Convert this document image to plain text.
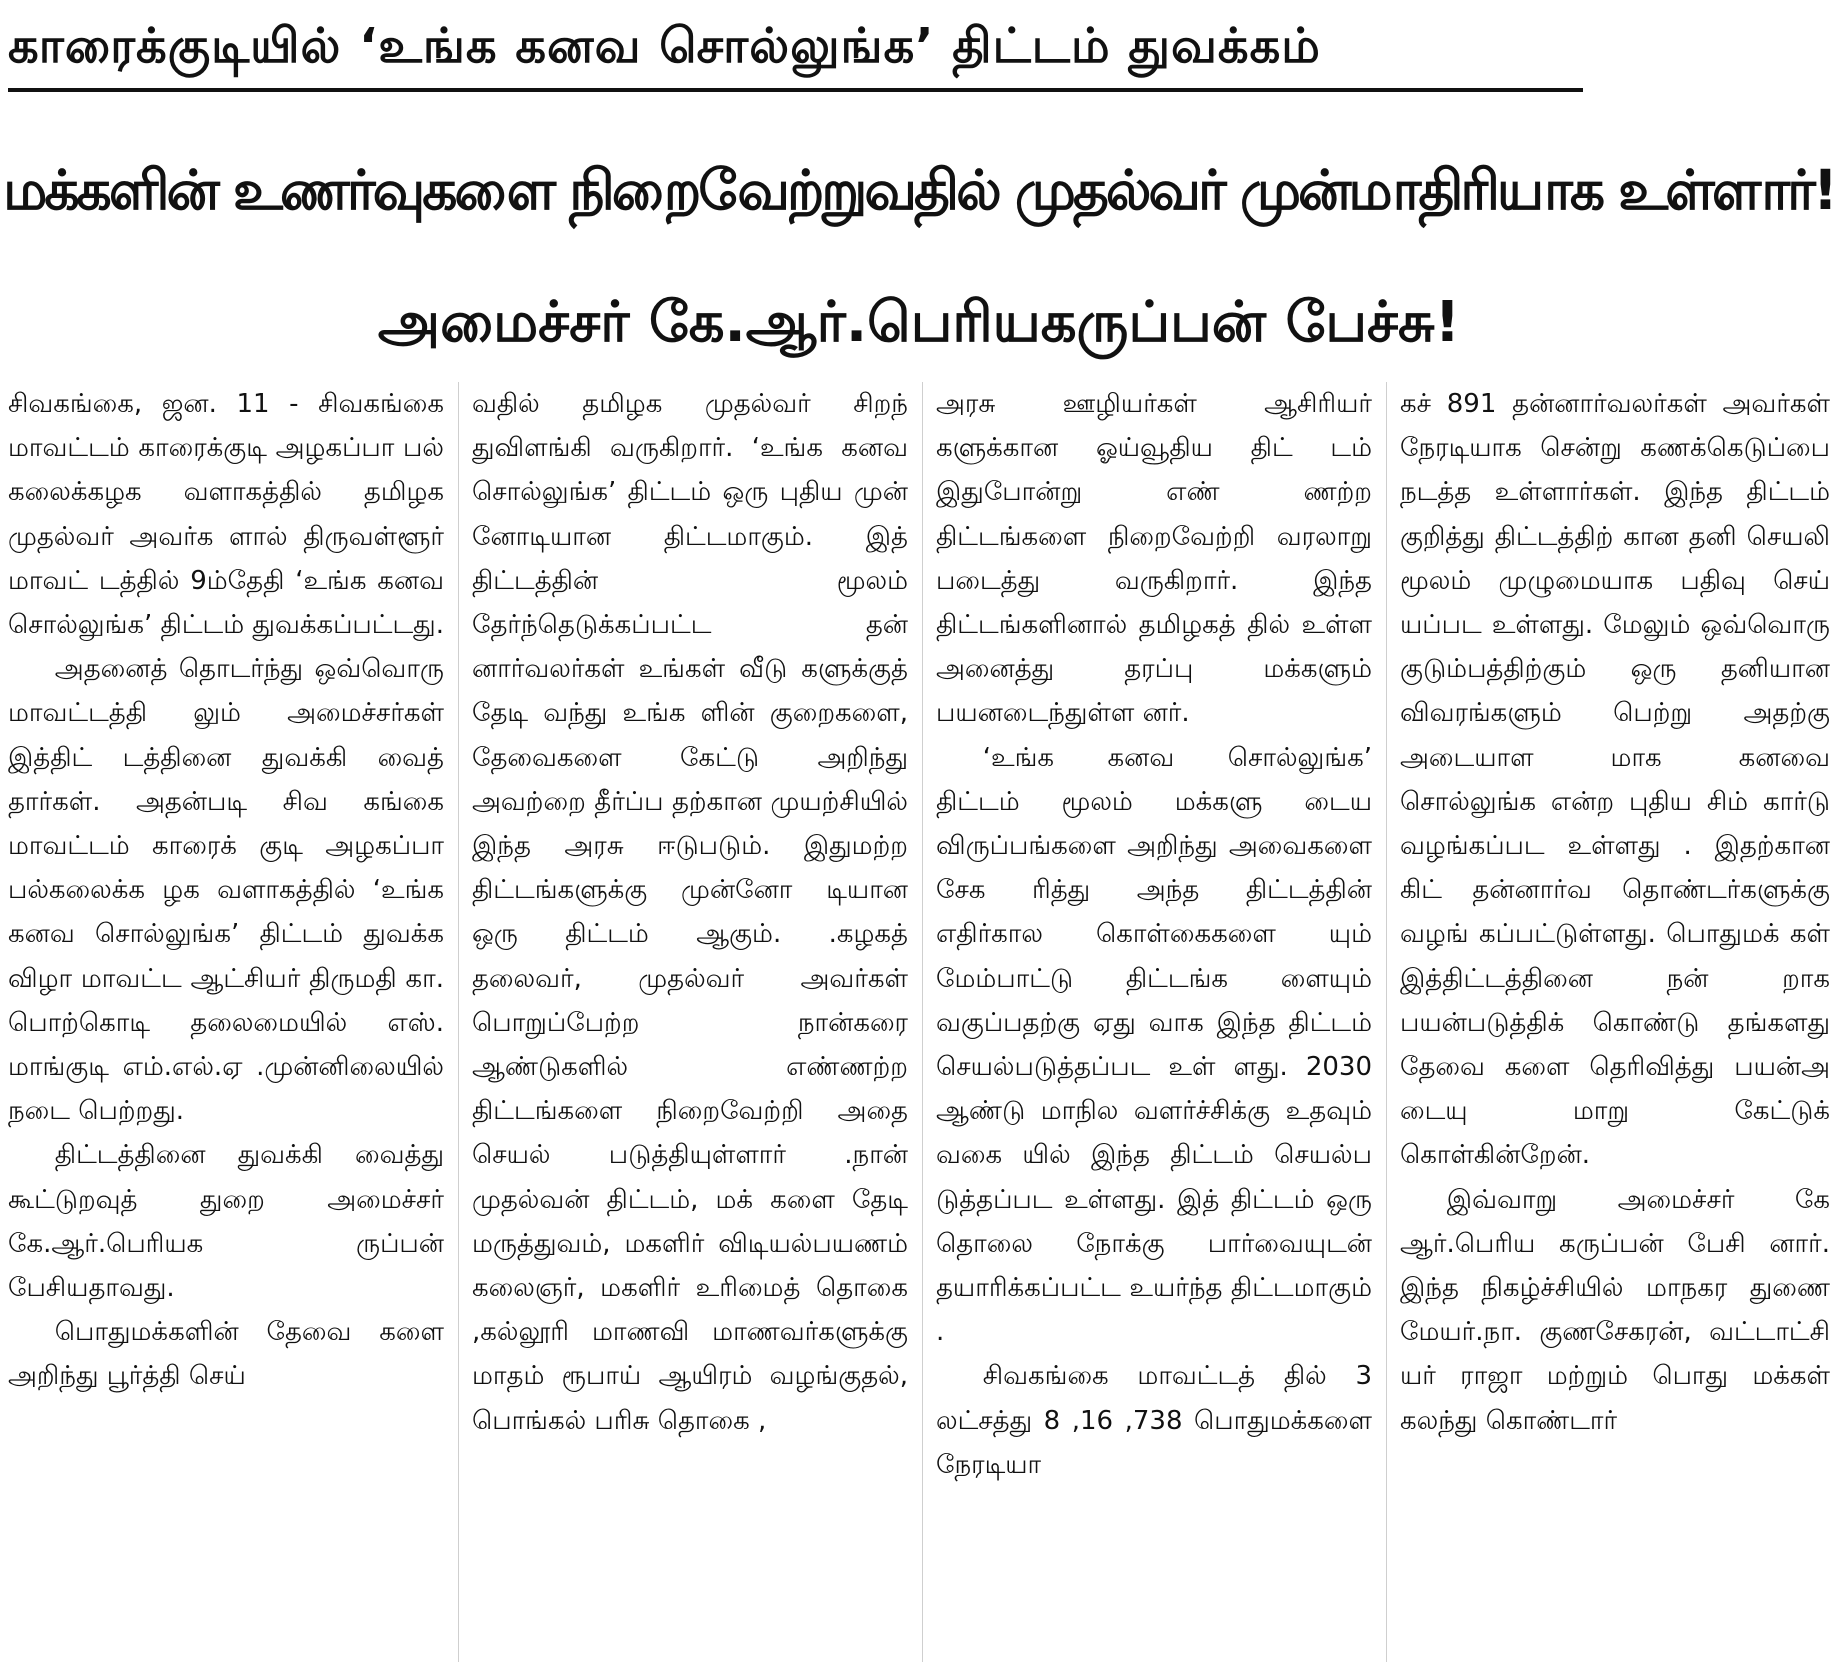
காரைக்குடியில் ‘உங்க கனவ சொல்லுங்க’ திட்டம் துவக்கம்
மக்களின் உணர்வுகளை நிறைவேற்றுவதில் முதல்வர் முன்மாதிரியாக உள்ளார்!
அமைச்சர் கே.ஆர்.பெரியகருப்பன் பேச்சு!

சிவகங்கை, ஜன. 11 - சிவகங்கை மாவட்டம் காரைக்குடி அழகப்பா பல் கலைக்கழக வளாகத்தில் தமிழக முதல்வர் அவர்க ளால் திருவள்ளூர் மாவட் டத்தில் 9ம்தேதி ‘உங்க கனவ சொல்லுங்க’ திட்டம் துவக்கப்பட்டது.

அதனைத் தொடர்ந்து ஒவ்வொரு மாவட்டத்தி லும் அமைச்சர்கள் இத்திட் டத்தினை துவக்கி வைத் தார்கள். அதன்படி சிவ கங்கை மாவட்டம் காரைக் குடி அழகப்பா பல்கலைக்க ழக வளாகத்தில் ‘உங்க கனவ சொல்லுங்க’ திட்டம் துவக்க விழா மாவட்ட ஆட்சியர் திருமதி கா. பொற்கொடி தலைமையில் எஸ். மாங்குடி எம்.எல்.ஏ .முன்னிலையில் நடை பெற்றது.

திட்டத்தினை துவக்கி வைத்து கூட்டுறவுத் துறை அமைச்சர் கே.ஆர்.பெரியக ருப்பன் பேசியதாவது.

பொதுமக்களின் தேவை களை அறிந்து பூர்த்தி செய்

வதில் தமிழக முதல்வர் சிறந் துவிளங்கி வருகிறார். ‘உங்க கனவ சொல்லுங்க’ திட்டம் ஒரு புதிய முன் னோடியான திட்டமாகும். இத் திட்டத்தின் மூலம் தேர்ந்தெடுக்கப்பட்ட தன் னார்வலர்கள் உங்கள் வீடு களுக்குத் தேடி வந்து உங்க ளின் குறைகளை, தேவைகளை கேட்டு அறிந்து அவற்றை தீர்ப்ப தற்கான முயற்சியில் இந்த அரசு ஈடுபடும். இதுமற்ற திட்டங்களுக்கு முன்னோ டியான ஒரு திட்டம் ஆகும். .கழகத் தலைவர், முதல்வர் அவர்கள் பொறுப்பேற்ற நான்கரை ஆண்டுகளில் எண்ணற்ற திட்டங்களை நிறைவேற்றி அதை செயல் படுத்தியுள்ளார் .நான் முதல்வன் திட்டம், மக் களை தேடி மருத்துவம், மகளிர் விடியல்பயணம் கலைஞர், மகளிர் உரிமைத் தொகை ,கல்லூரி மாணவி மாணவர்களுக்கு மாதம் ரூபாய் ஆயிரம் வழங்குதல், பொங்கல் பரிசு தொகை ,

அரசு ஊழியர்கள் ஆசிரியர் களுக்கான ஓய்வூதிய திட் டம் இதுபோன்று எண் ணற்ற திட்டங்களை நிறைவேற்றி வரலாறு படைத்து வருகிறார். இந்த திட்டங்களினால் தமிழகத் தில் உள்ள அனைத்து தரப்பு மக்களும் பயனடைந்துள்ள னர்.

‘உங்க கனவ சொல்லுங்க’ திட்டம் மூலம் மக்களு டைய விருப்பங்களை அறிந்து அவைகளை சேக ரித்து அந்த திட்டத்தின் எதிர்கால கொள்கைகளை யும் மேம்பாட்டு திட்டங்க ளையும் வகுப்பதற்கு ஏது வாக இந்த திட்டம் செயல்படுத்தப்பட உள் ளது. 2030 ஆண்டு மாநில வளர்ச்சிக்கு உதவும் வகை யில் இந்த திட்டம் செயல்ப டுத்தப்பட உள்ளது. இத் திட்டம் ஒரு தொலை நோக்கு பார்வையுடன் தயாரிக்கப்பட்ட உயர்ந்த திட்டமாகும் .

சிவகங்கை மாவட்டத் தில் 3 லட்சத்து 8 ,16 ,738 பொதுமக்களை நேரடியா

கச் 891 தன்னார்வலர்கள் அவர்கள் நேரடியாக சென்று கணக்கெடுப்பை நடத்த உள்ளார்கள். இந்த திட்டம் குறித்து திட்டத்திற் கான தனி செயலி மூலம் முழுமையாக பதிவு செய் யப்பட உள்ளது. மேலும் ஒவ்வொரு குடும்பத்திற்கும் ஒரு தனியான விவரங்களும் பெற்று அதற்கு அடையாள மாக கனவை சொல்லுங்க என்ற புதிய சிம் கார்டு வழங்கப்பட உள்ளது . இதற்கான கிட் தன்னார்வ தொண்டர்களுக்கு வழங் கப்பட்டுள்ளது. பொதுமக் கள் இத்திட்டத்தினை நன் றாக பயன்படுத்திக் கொண்டு தங்களது தேவை களை தெரிவித்து பயன்அ டையு மாறு கேட்டுக் கொள்கின்றேன்.

இவ்வாறு அமைச்சர் கே ஆர்.பெரிய கருப்பன் பேசி னார். இந்த நிகழ்ச்சியில் மாநகர துணை மேயர்.நா. குணசேகரன், வட்டாட்சி யர் ராஜா மற்றும் பொது மக்கள் கலந்து கொண்டார்
